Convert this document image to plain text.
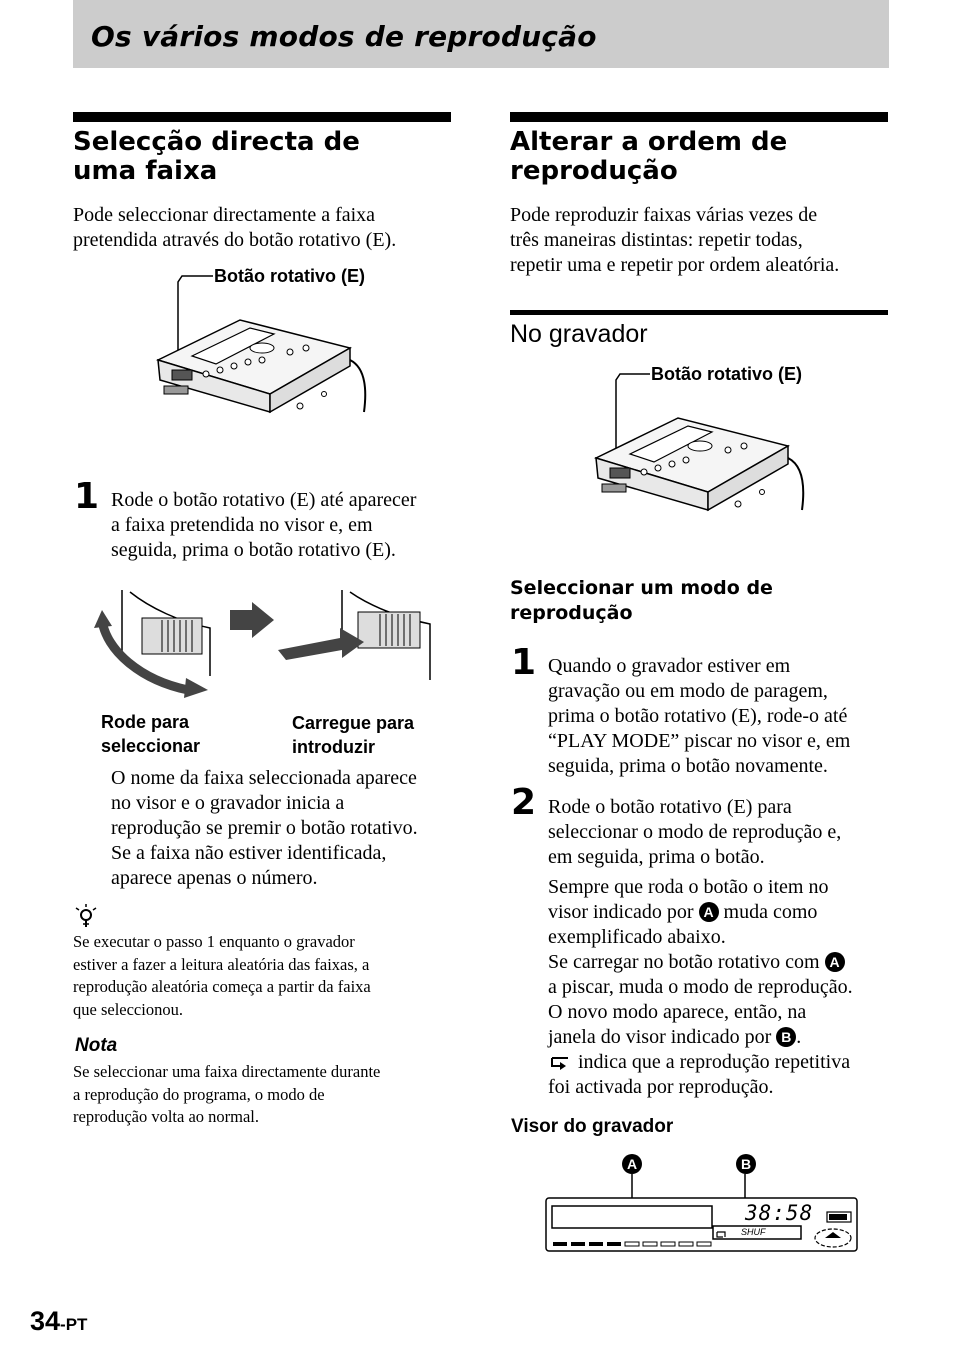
Os vários modos de reprodução
Selecção directa de
uma faixa

Pode seleccionar directamente a faixa

pretendida através do botão rotativo (E).

Botão rotativo (E)
1 Rode o botão rotativo (E) até aparecer

a faixa pretendida no visor e, em

seguida, prima o botão rotativo (E).

Rode para
seleccionar
Carregue para
introduzir

O nome da faixa seleccionada aparece

no visor e o gravador inicia a

reprodução se premir o botão rotativo.

Se a faixa não estiver identificada,

aparece apenas o número.

Se executar o passo 1 enquanto o gravador

estiver a fazer a leitura aleatória das faixas, a

reprodução aleatória começa a partir da faixa

que seleccionou.

Nota

Se seleccionar uma faixa directamente durante

a reprodução do programa, o modo de

reprodução volta ao normal.

Alterar a ordem de
reprodução

Pode reproduzir faixas várias vezes de

três maneiras distintas: repetir todas,

repetir uma e repetir por ordem aleatória.

No gravador
Botão rotativo (E)
Seleccionar um modo de
reprodução
1 Quando o gravador estiver em

gravação ou em modo de paragem,

prima o botão rotativo (E), rode-o até

“PLAY MODE” piscar no visor e, em

seguida, prima o botão novamente.

2 Rode o botão rotativo (E) para

seleccionar o modo de reprodução e,

em seguida, prima o botão.

Sempre que roda o botão o item no

visor indicado por A muda como

exemplificado abaixo.

Se carregar no botão rotativo com A

a piscar, muda o modo de reprodução.

O novo modo aparece, então, na

janela do visor indicado por B .

indica que a reprodução repetitiva

foi activada por reprodução.

Visor do gravador
A	B
38:58
SHUF
34-PT
